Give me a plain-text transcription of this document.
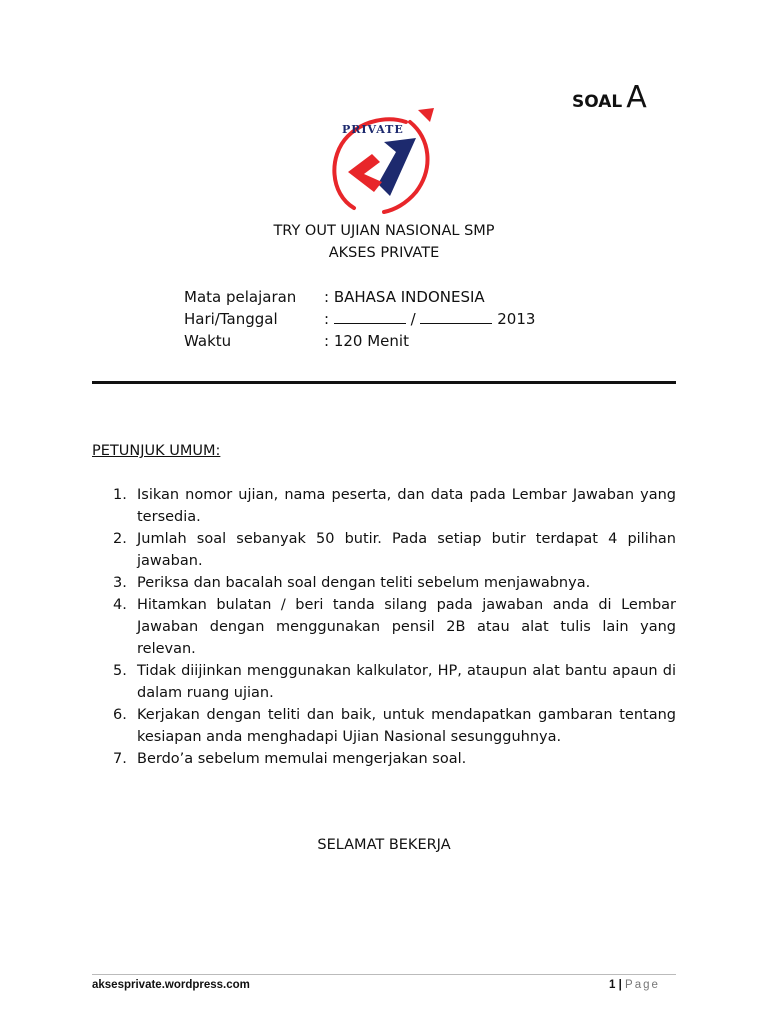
SOAL A
PRIVATE
TRY OUT UJIAN NASIONAL SMP
AKSES PRIVATE
Mata pelajaran : BAHASA INDONESIA
Hari/Tanggal	:	/	2013
Waktu	: 120 Menit
PETUNJUK UMUM:
1. Isikan nomor ujian, nama peserta, dan data pada Lembar Jawaban yang tersedia.
2. Jumlah soal sebanyak 50 butir. Pada setiap butir terdapat 4 pilihan jawaban.
3. Periksa dan bacalah soal dengan teliti sebelum menjawabnya.
4. Hitamkan bulatan / beri tanda silang pada jawaban anda di Lembar Jawaban dengan menggunakan pensil 2B atau alat tulis lain yang relevan.
5. Tidak diijinkan menggunakan kalkulator, HP, ataupun alat bantu apaun di dalam ruang ujian.
6. Kerjakan dengan teliti dan baik, untuk mendapatkan gambaran tentang kesiapan anda menghadapi Ujian Nasional sesungguhnya.
7. Berdo’a sebelum memulai mengerjakan soal.
SELAMAT BEKERJA
aksesprivate.wordpress.com	1 | Page
